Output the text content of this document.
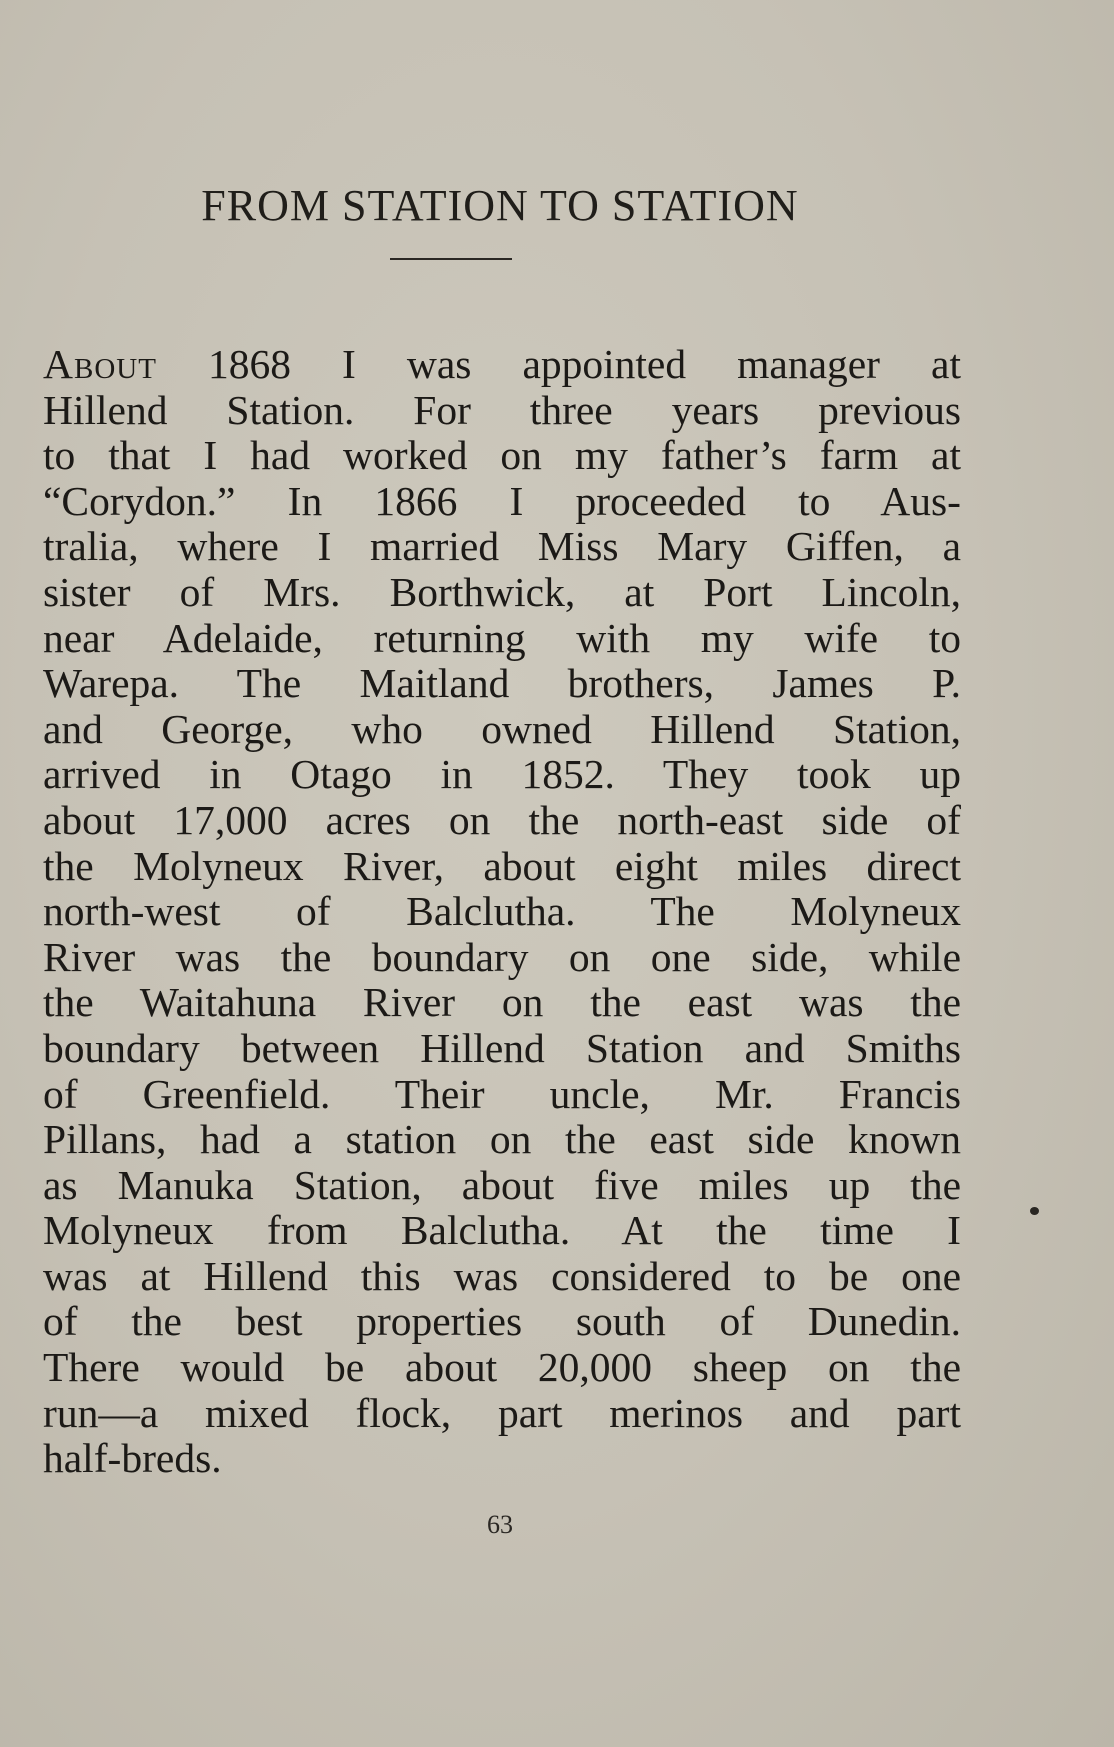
FROM STATION TO STATION
About 1868 I was appointed manager at
Hillend Station. For three years previous
to that I had worked on my father’s farm at
“Corydon.” In 1866 I proceeded to Aus-
tralia, where I married Miss Mary Giffen, a
sister of Mrs. Borthwick, at Port Lincoln,
near Adelaide, returning with my wife to
Warepa. The Maitland brothers, James P.
and George, who owned Hillend Station,
arrived in Otago in 1852. They took up
about 17,000 acres on the north-east side of
the Molyneux River, about eight miles direct
north-west of Balclutha. The Molyneux
River was the boundary on one side, while
the Waitahuna River on the east was the
boundary between Hillend Station and Smiths
of Greenfield. Their uncle, Mr. Francis
Pillans, had a station on the east side known
as Manuka Station, about five miles up the
Molyneux from Balclutha. At the time I
was at Hillend this was considered to be one
of the best properties south of Dunedin.
There would be about 20,000 sheep on the
run—a mixed flock, part merinos and part
half-breds.

63
